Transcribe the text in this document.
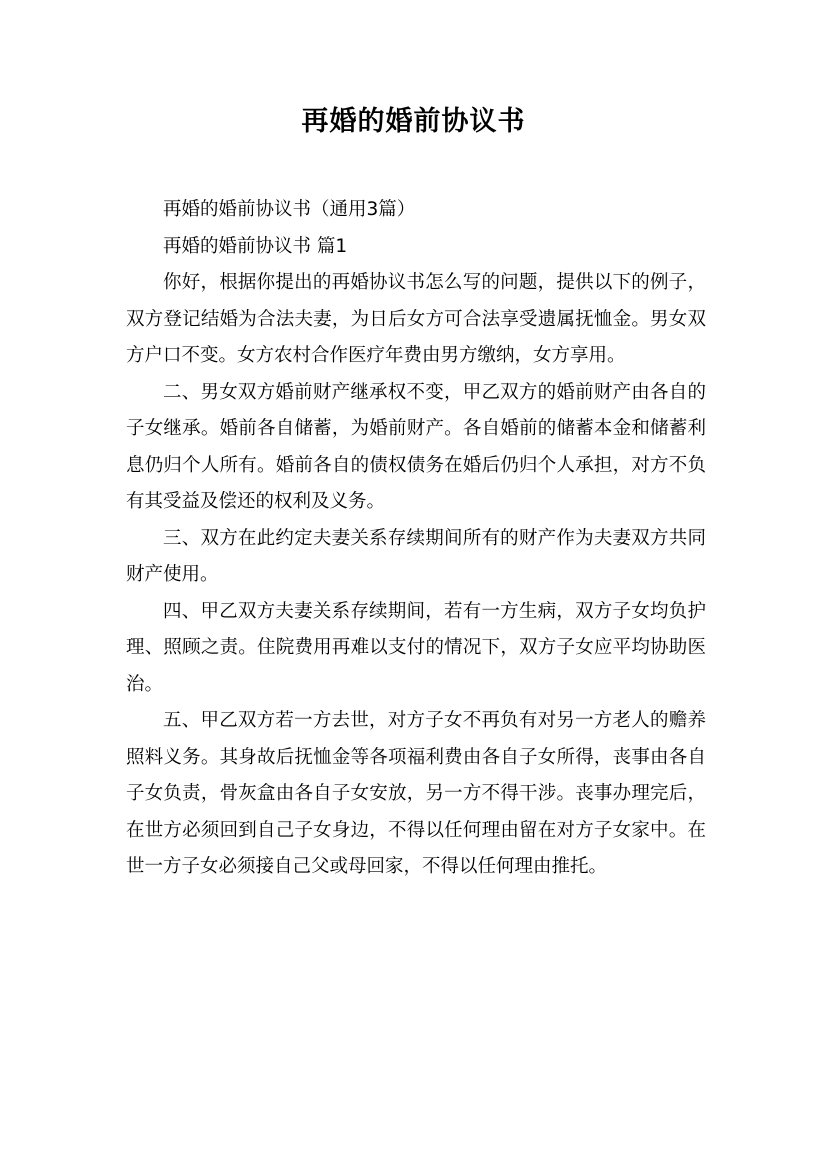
再婚的婚前协议书

再婚的婚前协议书（通用3篇）

再婚的婚前协议书 篇1

你好，根据你提出的再婚协议书怎么写的问题，提供以下的例子，双方登记结婚为合法夫妻，为日后女方可合法享受遗属抚恤金。男女双方户口不变。女方农村合作医疗年费由男方缴纳，女方享用。

二、男女双方婚前财产继承权不变，甲乙双方的婚前财产由各自的子女继承。婚前各自储蓄，为婚前财产。各自婚前的储蓄本金和储蓄利息仍归个人所有。婚前各自的债权债务在婚后仍归个人承担，对方不负有其受益及偿还的权利及义务。

三、双方在此约定夫妻关系存续期间所有的财产作为夫妻双方共同财产使用。

四、甲乙双方夫妻关系存续期间，若有一方生病，双方子女均负护理、照顾之责。住院费用再难以支付的情况下，双方子女应平均协助医治。

五、甲乙双方若一方去世，对方子女不再负有对另一方老人的赡养照料义务。其身故后抚恤金等各项福利费由各自子女所得，丧事由各自子女负责，骨灰盒由各自子女安放，另一方不得干涉。丧事办理完后，在世方必须回到自己子女身边，不得以任何理由留在对方子女家中。在世一方子女必须接自己父或母回家，不得以任何理由推托。
